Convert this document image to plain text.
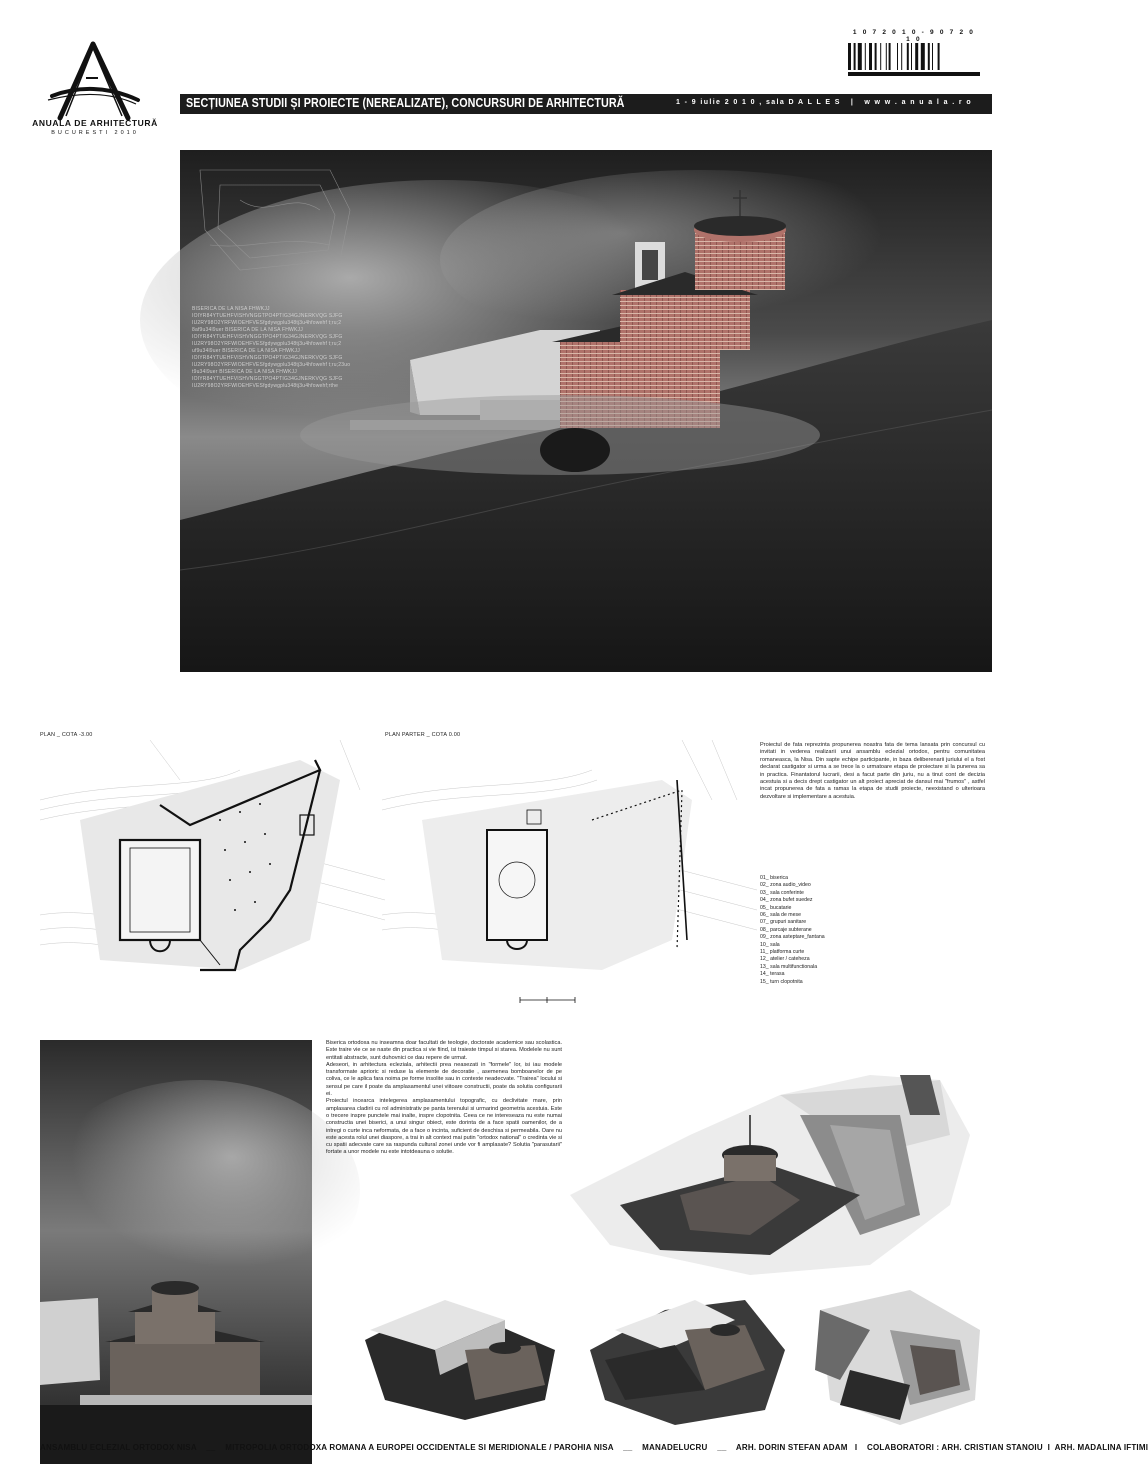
ANUALA DE ARHITECTURĂ
BUCURESTI 2010
1 0 7 2 0 1 0 - 9 0 7 2 0 1 0
SECȚIUNEA STUDII ȘI PROIECTE (NEREALIZATE), CONCURSURI DE ARHITECTURĂ	1 - 9 iulie 2 0 1 0 , sala D A L L E S   |   w w w . a n u a l a . r o
BISERICA DE LA NISA FHWKJJ IOIYR84YTUEHFVISHVNGGTPO4PTIG34GJNERKVQG SJFG IU2RY98O2YRFWIOEHFVESfgdywgplu348tj3u4hfowehf t;ru;2 8af9u34l9uer BISERICA DE LA NISA FHWKJJ IOIYR84YTUEHFVISHVNGGTPO4PTIG34GJNERKVQG SJFG IU2RY98O2YRFWIOEHFVESfgdywgplu348tj3u4hfowehf t;ru;2 uf9u34l9uer BISERICA DE LA NISA FHWKJJ IOIYR84YTUEHFVISHVNGGTPO4PTIG34GJNERKVQG SJFG IU2RY98O2YRFWIOEHFVESfgdywgplu348tj3u4hfowehf t;ru;23uo t9u34l9uer BISERICA DE LA NISA FHWKJJ IOIYR84YTUEHFVISHVNGGTPO4PTIG34GJNERKVQG SJFG IU2RY98O2YRFWIOEHFVESfgdywgplu348tj3u4hfowehf;rthe
PLAN _ COTA -3.00	PLAN PARTER _ COTA 0.00
Proiectul de fata reprezinta propunerea noastra fata de tema lansata prin concursul cu invitati in vederea realizarii unui ansamblu eclezial ortodox, pentru comunitatea romaneasca, la Nisa. Din sapte echipe participante, in baza deliberenarii juriului el a fost declarat castigator si urma a se trece la o urmatoare etapa de proiectare si la punerea sa in practica. Finantatorul lucrarii, desi a facut parte din juriu, nu a tinut cont de decizia acestuia si a decis drept castigator un alt proiect apreciat de dansul mai "frumos" , astfel incat propunerea de fata a ramas la etapa de studii proiecte, neexistand o ulterioara dezvoltare si implementare a acestuia.
01_ biserica
02_ zona audio_video
03_ sala conferinte
04_ zona bufet suedez
05_ bucatarie
06_ sala de mese
07_ grupuri sanitare
08_ parcaje subterane
09_ zona asteptare_fantana
10_ sala
11_ platforma curte
12_ atelier / cateheza
13_ sala multifunctionala
14_ terasa
15_ turn clopotnita

Biserica ortodoxa nu inseamna doar facultati de teologie, doctorate academice sau scolastica. Este traire vie ce se naste din practica si vie fiind, isi traieste timpul si starea. Modelele nu sunt entitati abstracte, sunt duhovnici ce dau repere de urmat.

Adeseori, in arhitectura ecleziala, arhitectii prea neasezati in "formele" lor, isi iau modele transformate aprioric si reduse la elemente de decoratie , asemenea bomboanelor de pe coliva, ce le aplica fara noima pe forme insolite sau in contexte neadecvate. "Trairea" locului si sensul pe care il poate da amplasamentul unei viitoare constructii, poate da solutia configurarii ei.

Proiectul incearca intelegerea amplasamentului topografic, cu declivitate mare, prin amplasarea cladirii cu rol administrativ pe panta terenului si urmarind geometria acestuia. Este o trecere inspre punctele mai inalte, inspre clopotnita. Ceea ce ne intereseaza nu este numai constructia unei biserici, a unui singur obiect, este dorinta de a face spatii oamenilor, de a intregi o curte inca neformata, de a face o incinta, suficient de deschisa si permeabila. Oare nu este acesta rolul unei diaspore, a trai in alt context mai putin "ortodox national" o credinta vie si cu spatii adecvate care sa raspunda cultural zonei unde vor fi amplasate? Solutia "parasutarii" fortate a unor modele nu este intotdeauna o solutie.

ANSAMBLU ECLEZIAL ORTODOX NISA __ MITROPOLIA ORTODOXA ROMANA A EUROPEI OCCIDENTALE SI MERIDIONALE / PAROHIA NISA __ MANADELUCRU __ ARH. DORIN STEFAN ADAM I COLABORATORI : ARH. CRISTIAN STANOIU I ARH. MADALINA IFTIMI
